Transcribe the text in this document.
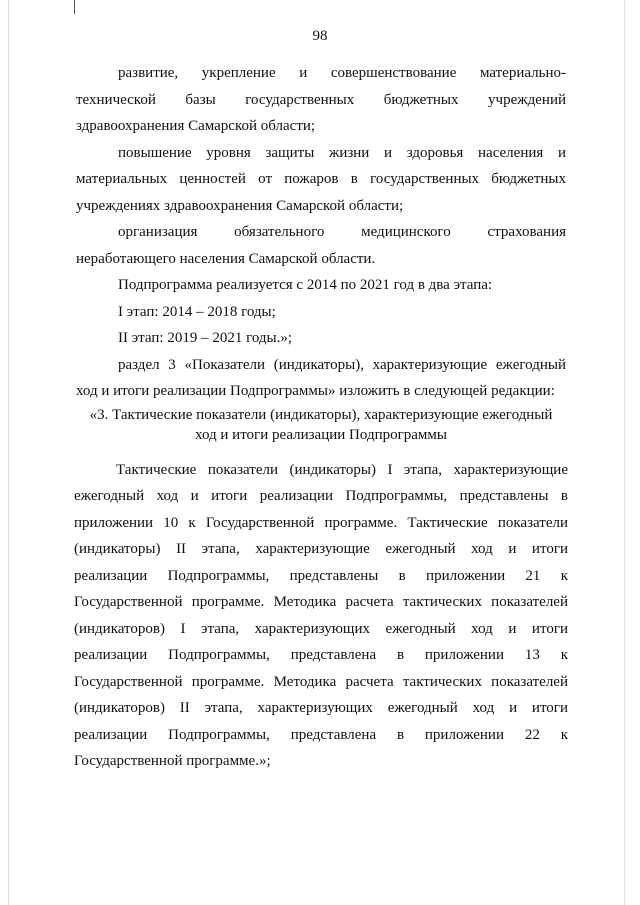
98
развитие, укрепление и совершенствование материально-
технической базы государственных бюджетных учреждений
здравоохранения Самарской области;
повышение уровня защиты жизни и здоровья населения и
материальных ценностей от пожаров в государственных бюджетных
учреждениях здравоохранения Самарской области;
организация обязательного медицинского страхования
неработающего населения Самарской области.
Подпрограмма реализуется с 2014 по 2021 год в два этапа:
I этап: 2014 – 2018 годы;
II этап: 2019 – 2021 годы.»;
раздел 3 «Показатели (индикаторы), характеризующие ежегодный
ход и итоги реализации Подпрограммы» изложить в следующей редакции:
«3. Тактические показатели (индикаторы), характеризующие ежегодный
ход и итоги реализации Подпрограммы
Тактические показатели (индикаторы) I этапа, характеризующие
ежегодный ход и итоги реализации Подпрограммы, представлены в
приложении 10 к Государственной программе. Тактические показатели
(индикаторы) II этапа, характеризующие ежегодный ход и итоги
реализации Подпрограммы, представлены в приложении 21 к
Государственной программе. Методика расчета тактических показателей
(индикаторов) I этапа, характеризующих ежегодный ход и итоги
реализации Подпрограммы, представлена в приложении 13 к
Государственной программе. Методика расчета тактических показателей
(индикаторов) II этапа, характеризующих ежегодный ход и итоги
реализации Подпрограммы, представлена в приложении 22 к
Государственной программе.»;
